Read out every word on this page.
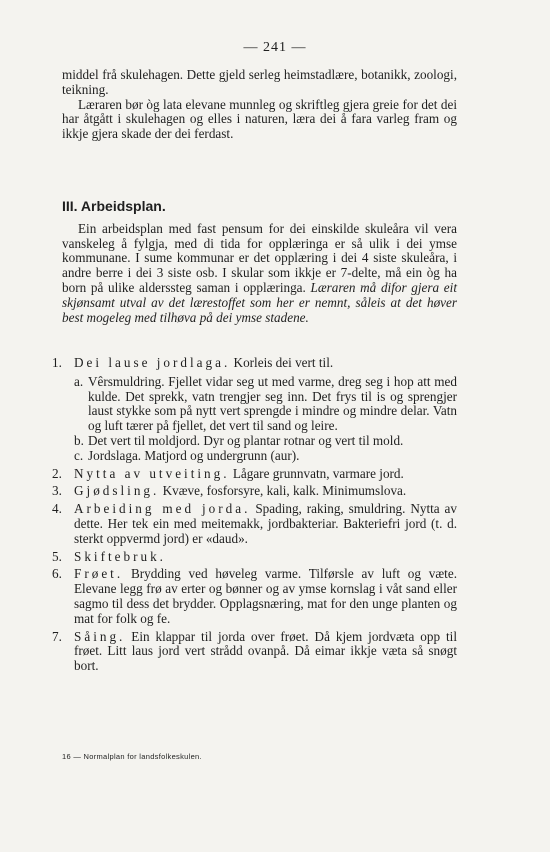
— 241 —

middel frå skulehagen. Dette gjeld serleg heimstadlære, botanikk, zoologi, teikning.

Læraren bør òg lata elevane munnleg og skriftleg gjera greie for det dei har åtgått i skulehagen og elles i naturen, læra dei å fara varleg fram og ikkje gjera skade der dei ferdast.

III. Arbeidsplan.

Ein arbeidsplan med fast pensum for dei einskilde skuleåra vil vera vanskeleg å fylgja, med di tida for opplæringa er så ulik i dei ymse kommunane. I sume kommunar er det opplæring i dei 4 siste skuleåra, i andre berre i dei 3 siste osb. I skular som ikkje er 7-delte, må ein òg ha born på ulike alderssteg saman i opplæringa. Læraren må difor gjera eit skjønsamt utval av det lærestoffet som her er nemnt, såleis at det høver best mogeleg med tilhøva på dei ymse stadene.

1. Dei lause jordlaga. Korleis dei vert til.

a. Vêrsmuldring. Fjellet vidar seg ut med varme, dreg seg i hop att med kulde. Det sprekk, vatn trengjer seg inn. Det frys til is og sprengjer laust stykke som på nytt vert sprengde i mindre og mindre delar. Vatn og luft tærer på fjellet, det vert til sand og leire.

b. Det vert til moldjord. Dyr og plantar rotnar og vert til mold.

c. Jordslaga. Matjord og undergrunn (aur).

2. Nytta av utveiting. Lågare grunnvatn, varmare jord.

3. Gjødsling. Kvæve, fosforsyre, kali, kalk. Minimumslova.

4. Arbeiding med jorda. Spading, raking, smuldring. Nytta av dette. Her tek ein med meitemakk, jordbakteriar. Bakteriefri jord (t. d. sterkt oppvermd jord) er «daud».

5. Skiftebruk.

6. Frøet. Brydding ved høveleg varme. Tilførsle av luft og væte. Elevane legg frø av erter og bønner og av ymse kornslag i våt sand eller sagmo til dess det brydder. Opplagsnæring, mat for den unge planten og mat for folk og fe.

7. Såing. Ein klappar til jorda over frøet. Då kjem jordvæta opp til frøet. Litt laus jord vert strådd ovanpå. Då eimar ikkje væta så snøgt bort.

16 — Normalplan for landsfolkeskulen.
